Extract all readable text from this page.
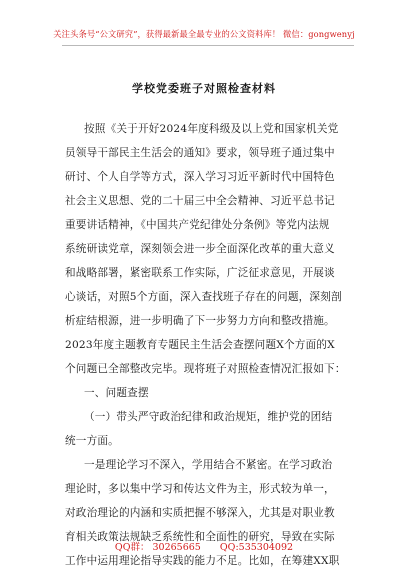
关注头条号“公文研究”，获得最新最全最专业的公文资料库！ 微信：gongwenyj
学校党委班子对照检查材料
按照《关于开好2024年度科级及以上党和国家机关党
员领导干部民主生活会的通知》要求，领导班子通过集中
研讨、个人自学等方式，深入学习习近平新时代中国特色
社会主义思想、党的二十届三中全会精神、习近平总书记
重要讲话精神，《中国共产党纪律处分条例》等党内法规
系统研读党章，深刻领会进一步全面深化改革的重大意义
和战略部署，紧密联系工作实际，广泛征求意见，开展谈
心谈话，对照5个方面，深入查找班子存在的问题，深刻剖
析症结根源，进一步明确了下一步努力方向和整改措施。
2023年度主题教育专题民主生活会查摆问题X个方面的X
个问题已全部整改完毕。现将班子对照检查情况汇报如下：
一、问题查摆
（一）带头严守政治纪律和政治规矩，维护党的团结
统一方面。
一是理论学习不深入，学用结合不紧密。在学习政治
理论时，多以集中学习和传达文件为主，形式较为单一，
对政治理论的内涵和实质把握不够深入，尤其是对职业教
育相关政策法规缺乏系统性和全面性的研究，导致在实际
工作中运用理论指导实践的能力不足。比如，在筹建XX职
QQ群： 30265665 QQ:535304092
